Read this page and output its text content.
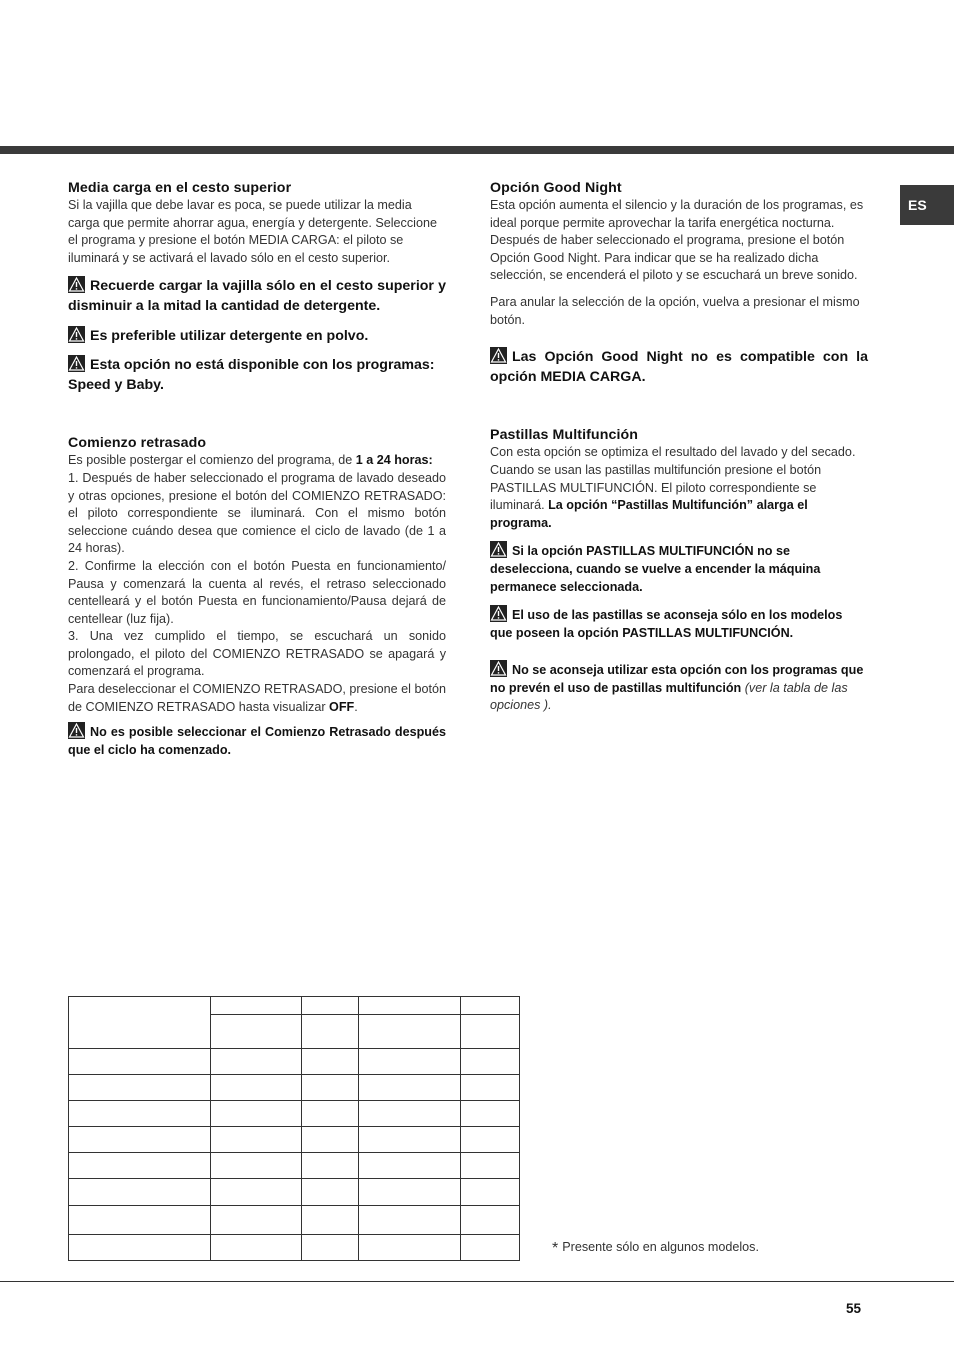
ES
Media carga en el cesto superior

Si la vajilla que debe lavar es poca, se puede utilizar la media carga que permite ahorrar agua, energía y detergente. Seleccione el programa y presione el botón MEDIA CARGA: el piloto se iluminará y se activará el lavado sólo en el cesto superior.

Recuerde cargar la vajilla sólo en el cesto superior y disminuir a la mitad la cantidad de detergente.

Es preferible utilizar detergente en polvo.

Esta opción no está disponible con los programas: Speed y Baby.

Comienzo retrasado

Es posible postergar el comienzo del programa, de 1 a 24 horas:

1. Después de haber seleccionado el programa de lavado deseado y otras opciones, presione el botón del COMIENZO RETRASADO: el piloto correspondiente se iluminará. Con el mismo botón seleccione cuándo desea que comience el ciclo de lavado (de 1 a 24 horas).

2. Confirme la elección con el botón Puesta en funcionamiento/ Pausa y comenzará la cuenta al revés, el retraso seleccionado centelleará y el botón Puesta en funcionamiento/Pausa dejará de centellear (luz fija).

3. Una vez cumplido el tiempo, se escuchará un sonido prolongado, el piloto del COMIENZO RETRASADO se apagará y comenzará el programa.

Para deseleccionar el COMIENZO RETRASADO, presione el botón de COMIENZO RETRASADO hasta visualizar OFF.

No es posible seleccionar el Comienzo Retrasado después que el ciclo ha comenzado.

Opción Good Night

Esta opción aumenta el silencio y la duración de los programas, es ideal porque permite aprovechar la tarifa energética nocturna.

Después de haber seleccionado el programa, presione el botón Opción Good Night. Para indicar que se ha realizado dicha selección, se encenderá el piloto y se escuchará un breve sonido.

Para anular la selección de la opción, vuelva a presionar el mismo botón.

Las Opción Good Night no es compatible con la opción MEDIA CARGA.

Pastillas Multifunción

Con esta opción se optimiza el resultado del lavado y del secado.

Cuando se usan las pastillas multifunción presione el botón PASTILLAS MULTIFUNCIÓN. El piloto correspondiente se iluminará. La opción “Pastillas Multifunción” alarga el programa.

Si la opción PASTILLAS MULTIFUNCIÓN no se deselecciona, cuando se vuelve a encender la máquina permanece seleccionada.

El uso de las pastillas se aconseja sólo en los modelos que poseen la opción PASTILLAS MULTIFUNCIÓN.

No se aconseja utilizar esta opción con los programas que no prevén el uso de pastillas multifunción (ver la tabla de las opciones ).

* Presente sólo en algunos modelos.
55
